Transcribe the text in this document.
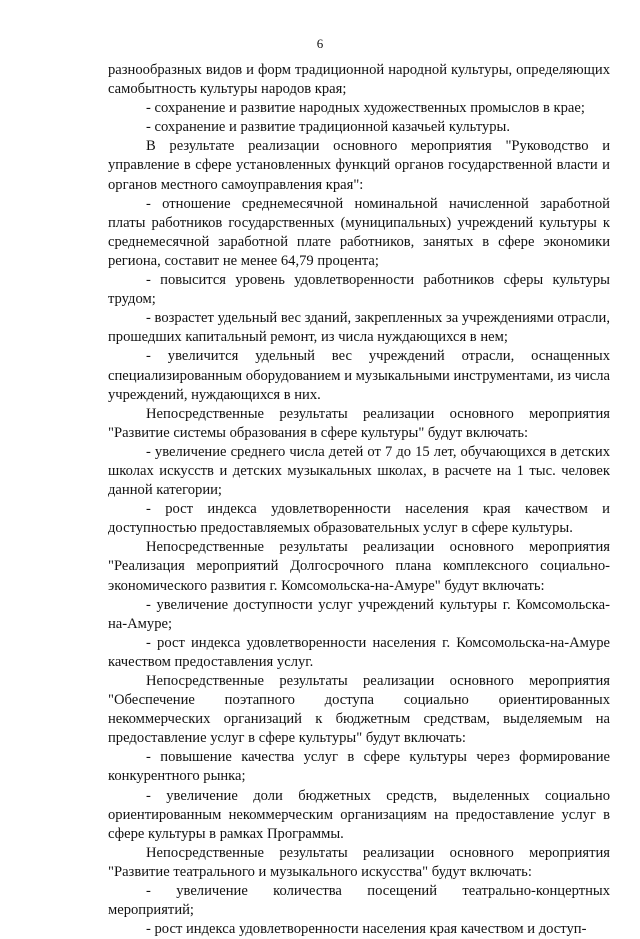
6

разнообразных видов и форм традиционной народной культуры, определяющих самобытность культуры народов края;

- сохранение и развитие народных художественных промыслов в крае;

- сохранение и развитие традиционной казачьей культуры.

В результате реализации основного мероприятия "Руководство и управление в сфере установленных функций органов государственной власти и органов местного самоуправления края":

- отношение среднемесячной номинальной начисленной заработной платы работников государственных (муниципальных) учреждений культуры к среднемесячной заработной плате работников, занятых в сфере экономики региона, составит не менее 64,79 процента;

- повысится уровень удовлетворенности работников сферы культуры трудом;

- возрастет удельный вес зданий, закрепленных за учреждениями отрасли, прошедших капитальный ремонт, из числа нуждающихся в нем;

- увеличится удельный вес учреждений отрасли, оснащенных специализированным оборудованием и музыкальными инструментами, из числа учреждений, нуждающихся в них.

Непосредственные результаты реализации основного мероприятия "Развитие системы образования в сфере культуры" будут включать:

- увеличение среднего числа детей от 7 до 15 лет, обучающихся в детских школах искусств и детских музыкальных школах, в расчете на 1 тыс. человек данной категории;

- рост индекса удовлетворенности населения края качеством и доступностью предоставляемых образовательных услуг в сфере культуры.

Непосредственные результаты реализации основного мероприятия "Реализация мероприятий Долгосрочного плана комплексного социально-экономического развития г. Комсомольска-на-Амуре" будут включать:

- увеличение доступности услуг учреждений культуры г. Комсомольска-на-Амуре;

- рост индекса удовлетворенности населения г. Комсомольска-на-Амуре качеством предоставления услуг.

Непосредственные результаты реализации основного мероприятия "Обеспечение поэтапного доступа социально ориентированных некоммерческих организаций к бюджетным средствам, выделяемым на предоставление услуг в сфере культуры" будут включать:

- повышение качества услуг в сфере культуры через формирование конкурентного рынка;

- увеличение доли бюджетных средств, выделенных социально ориентированным некоммерческим организациям на предоставление услуг в сфере культуры в рамках Программы.

Непосредственные результаты реализации основного мероприятия "Развитие театрального и музыкального искусства" будут включать:

- увеличение количества посещений театрально-концертных мероприятий;

- рост индекса удовлетворенности населения края качеством и доступ-
